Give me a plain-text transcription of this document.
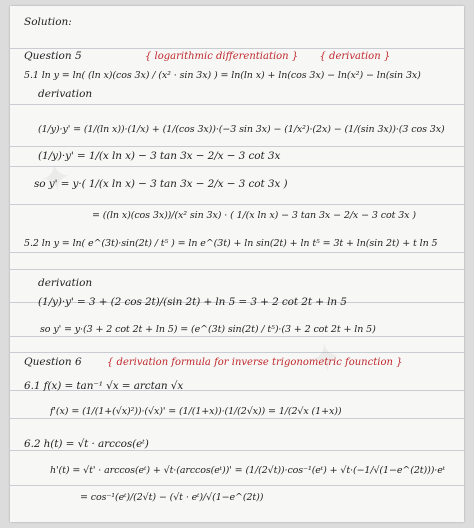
✦
✦
Solution:
Question 5	{ logarithmic differentiation } { derivation }
5.1 ln y = ln( (ln x)(cos 3x) / (x² · sin 3x) ) = ln(ln x) + ln(cos 3x) − ln(x²) − ln(sin 3x)
derivation
(1/y)·y' = (1/(ln x))·(1/x) + (1/(cos 3x))·(−3 sin 3x) − (1/x²)·(2x) − (1/(sin 3x))·(3 cos 3x)
(1/y)·y' = 1/(x ln x) − 3 tan 3x − 2/x − 3 cot 3x
so y' = y·( 1/(x ln x) − 3 tan 3x − 2/x − 3 cot 3x )
= ((ln x)(cos 3x))/(x² sin 3x) · ( 1/(x ln x) − 3 tan 3x − 2/x − 3 cot 3x )
5.2 ln y = ln( e^(3t)·sin(2t) / t⁵ ) = ln e^(3t) + ln sin(2t) + ln t⁵ = 3t + ln(sin 2t) + t ln 5
derivation
(1/y)·y' = 3 + (2 cos 2t)/(sin 2t) + ln 5 = 3 + 2 cot 2t + ln 5
so y' = y·(3 + 2 cot 2t + ln 5) = (e^(3t) sin(2t) / t⁵)·(3 + 2 cot 2t + ln 5)
Question 6	{ derivation formula for inverse trigonometric founction }
6.1 f(x) = tan⁻¹ √x = arctan √x
f'(x) = (1/(1+(√x)²))·(√x)' = (1/(1+x))·(1/(2√x)) = 1/(2√x (1+x))
6.2 h(t) = √t · arccos(eᵗ)
h'(t) = √t' · arccos(eᵗ) + √t·(arccos(eᵗ))' = (1/(2√t))·cos⁻¹(eᵗ) + √t·(−1/√(1−e^(2t)))·eᵗ
= cos⁻¹(eᵗ)/(2√t) − (√t · eᵗ)/√(1−e^(2t))
